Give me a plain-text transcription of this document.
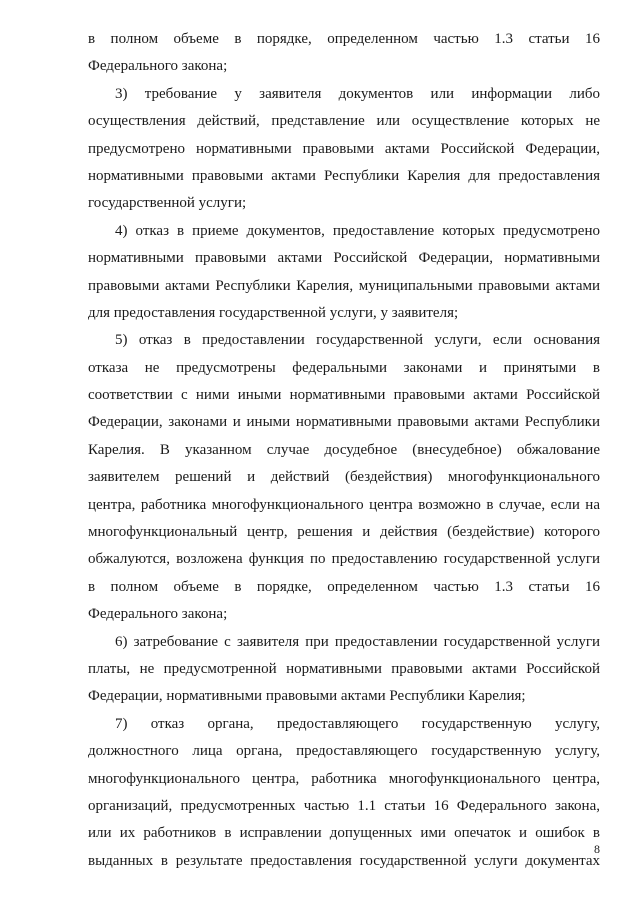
в полном объеме в порядке, определенном частью 1.3 статьи 16
Федерального закона;
3) требование у заявителя документов или информации либо
осуществления действий, представление или осуществление которых не
предусмотрено нормативными правовыми актами Российской Федерации,
нормативными правовыми актами Республики Карелия для предоставления
государственной услуги;
4) отказ в приеме документов, предоставление которых предусмотрено
нормативными правовыми актами Российской Федерации, нормативными
правовыми актами Республики Карелия, муниципальными правовыми актами
для предоставления государственной услуги, у заявителя;
5) отказ в предоставлении государственной услуги, если основания
отказа не предусмотрены федеральными законами и принятыми в
соответствии с ними иными нормативными правовыми актами Российской
Федерации, законами и иными нормативными правовыми актами Республики
Карелия. В указанном случае досудебное (внесудебное) обжалование
заявителем решений и действий (бездействия) многофункционального
центра, работника многофункционального центра возможно в случае, если на
многофункциональный центр, решения и действия (бездействие) которого
обжалуются, возложена функция по предоставлению государственной услуги
в полном объеме в порядке, определенном частью 1.3 статьи 16
Федерального закона;
6) затребование с заявителя при предоставлении государственной услуги
платы, не предусмотренной нормативными правовыми актами Российской
Федерации, нормативными правовыми актами Республики Карелия;
7) отказ органа, предоставляющего государственную услугу,
должностного лица органа, предоставляющего государственную услугу,
многофункционального центра, работника многофункционального центра,
организаций, предусмотренных частью 1.1 статьи 16 Федерального закона,
или их работников в исправлении допущенных ими опечаток и ошибок в
выданных в результате предоставления государственной услуги документах
8
